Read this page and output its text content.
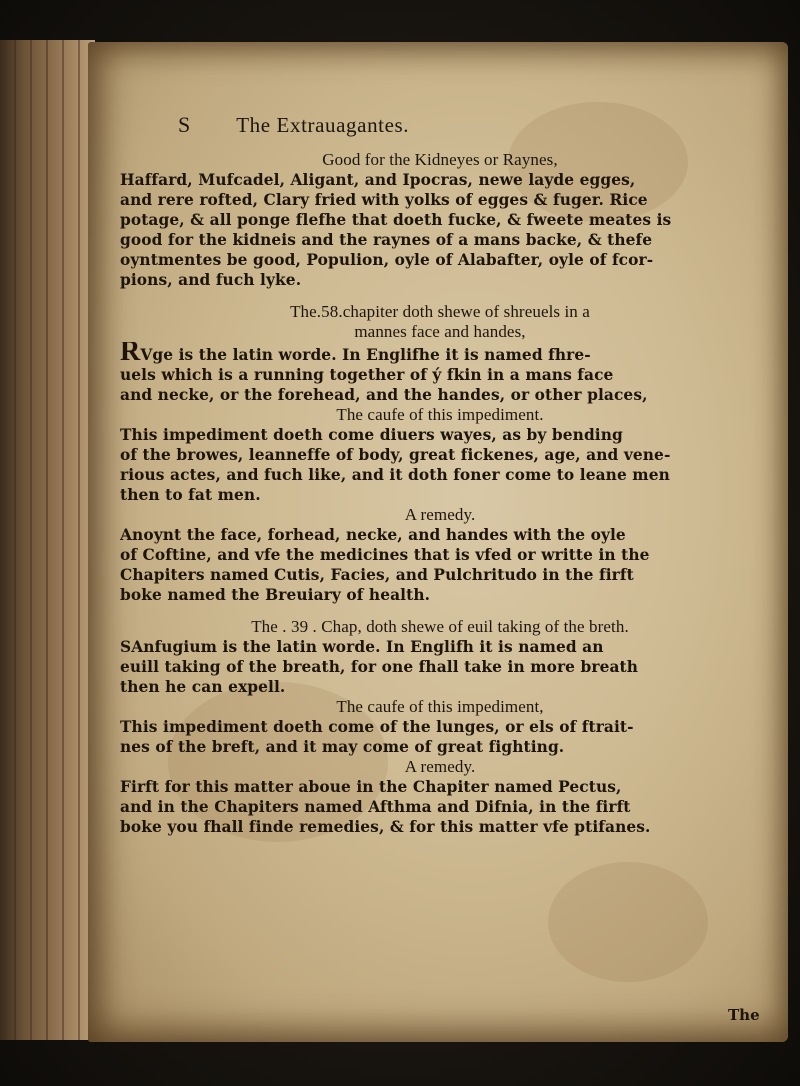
S The Extrauagantes.
Good for the Kidneyes or Raynes,
Haffard, Mufcadel, Aligant, and Ipocras, newe layde egges,
and rere rofted, Clary fried with yolks of egges & fuger. Rice
potage, & all ponge flefhe that doeth fucke, & fweete meates is
good for the kidneis and the raynes of a mans backe, & thefe
oyntmentes be good, Populion, oyle of Alabafter, oyle of fcor-
pions, and fuch lyke.
The.58.chapiter doth shewe of shreuels in a
mannes face and handes,
RVge is the latin worde. In Englifhe it is named fhre-
uels which is a running together of ý fkin in a mans face
and necke, or the forehead, and the handes, or other places,
The caufe of this impediment.
This impediment doeth come diuers wayes, as by bending
of the browes, leanneffe of body, great fickeneѕ, age, and vene-
rious actes, and fuch like, and it doth foner come to leane men
then to fat men.
A remedy.
Anoynt the face, forhead, necke, and handes with the oyle
of Coftine, and vfe the medicines that is vfed or writte in the
Chapiters named Cutis, Facies, and Pulchritudo in the firft
boke named the Breuiary of health.
The . 39 . Chap, doth shewe of euil taking of the breth.
SAnfugium is the latin worde. In Englifh it is named an
euill taking of the breath, for one fhall take in more breath
then he can expell.
The caufe of this impediment,
This impediment doeth come of the lunges, or els of ftrait-
nes of the breft, and it may come of great fighting.
A remedy.
Firft for this matter aboue in the Chapiter named Pectus,
and in the Chapiters named Afthma and Difnia, in the firft
boke you fhall finde remedies, & for this matter vfe ptifanes.
The
